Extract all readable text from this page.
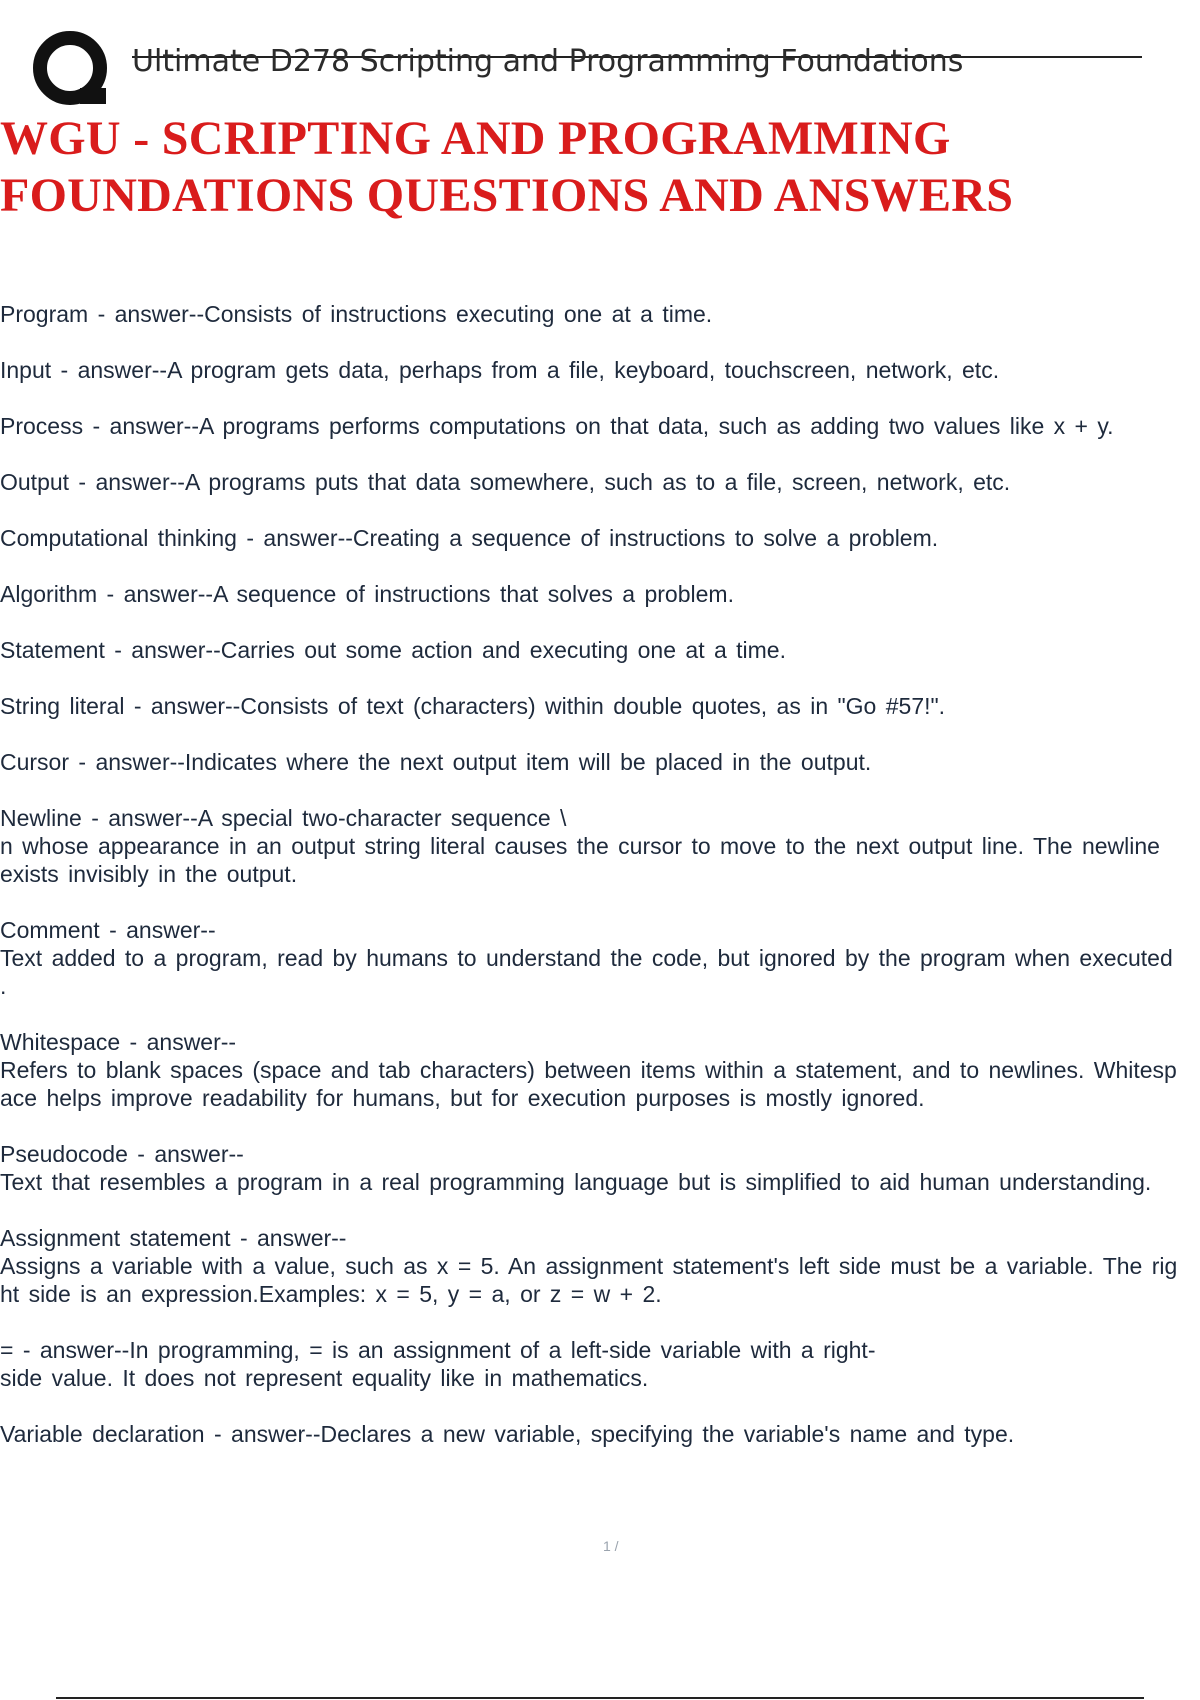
Ultimate D278 Scripting and Programming Foundations
WGU - SCRIPTING AND PROGRAMMING FOUNDATIONS QUESTIONS AND ANSWERS

Program - answer--Consists of instructions executing one at a time.

Input - answer--A program gets data, perhaps from a file, keyboard, touchscreen, network, etc.

Process - answer--A programs performs computations on that data, such as adding two values like x + y.

Output - answer--A programs puts that data somewhere, such as to a file, screen, network, etc.

Computational thinking - answer--Creating a sequence of instructions to solve a problem.

Algorithm - answer--A sequence of instructions that solves a problem.

Statement - answer--Carries out some action and executing one at a time.

String literal - answer--Consists of text (characters) within double quotes, as in "Go #57!".

Cursor - answer--Indicates where the next output item will be placed in the output.

Newline - answer--A special two-character sequence \
n whose appearance in an output string literal causes the cursor to move to the next output line. The newline
exists invisibly in the output.

Comment - answer--
Text added to a program, read by humans to understand the code, but ignored by the program when executed
.

Whitespace - answer--
Refers to blank spaces (space and tab characters) between items within a statement, and to newlines. Whitesp
ace helps improve readability for humans, but for execution purposes is mostly ignored.

Pseudocode - answer--
Text that resembles a program in a real programming language but is simplified to aid human understanding.

Assignment statement - answer--
Assigns a variable with a value, such as x = 5. An assignment statement's left side must be a variable. The rig
ht side is an expression.Examples: x = 5, y = a, or z = w + 2.

= - answer--In programming, = is an assignment of a left-side variable with a right-
side value. It does not represent equality like in mathematics.

Variable declaration - answer--Declares a new variable, specifying the variable's name and type.

1 /
